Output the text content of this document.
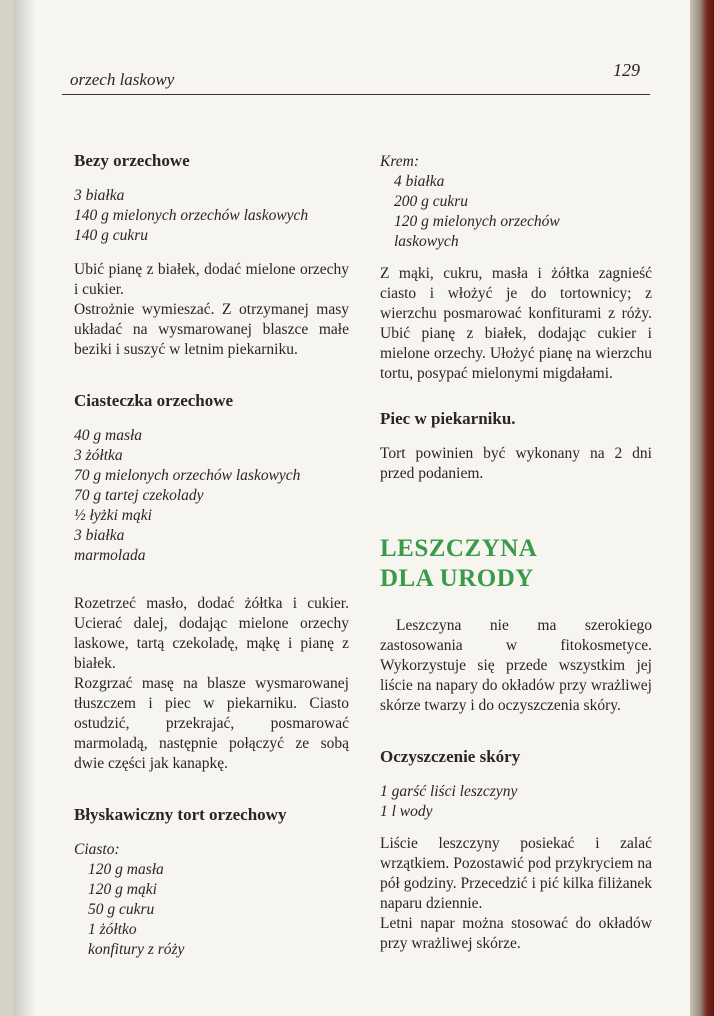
orzech laskowy	129
Bezy orzechowe
3 białka
140 g mielonych orzechów laskowych
140 g cukru

Ubić pianę z białek, dodać mielone orzechy i cukier.

Ostrożnie wymieszać. Z otrzymanej masy układać na wysmarowanej blaszce małe beziki i suszyć w letnim piekarniku.

Ciasteczka orzechowe
40 g masła
3 żółtka
70 g mielonych orzechów laskowych
70 g tartej czekolady
½ łyżki mąki
3 białka
marmolada

Rozetrzeć masło, dodać żółtka i cukier. Ucierać dalej, dodając mielone orzechy laskowe, tartą czekoladę, mąkę i pianę z białek.

Rozgrzać masę na blasze wysmarowanej tłuszczem i piec w piekarniku. Ciasto ostudzić, przekrajać, posmarować marmoladą, następnie połączyć ze sobą dwie części jak kanapkę.

Błyskawiczny tort orzechowy
Ciasto:
120 g masła
120 g mąki
50 g cukru
1 żółtko
konfitury z róży
Krem:
4 białka
200 g cukru
120 g mielonych orzechów
laskowych

Z mąki, cukru, masła i żółtka zagnieść ciasto i włożyć je do tortownicy; z wierzchu posmarować konfiturami z róży. Ubić pianę z białek, dodając cukier i mielone orzechy. Ułożyć pianę na wierzchu tortu, posypać mielonymi migdałami.

Piec w piekarniku.

Tort powinien być wykonany na 2 dni przed podaniem.

LESZCZYNA
DLA URODY

Leszczyna nie ma szerokiego zastosowania w fitokosmetyce. Wykorzystuje się przede wszystkim jej liście na napary do okładów przy wrażliwej skórze twarzy i do oczyszczenia skóry.

Oczyszczenie skóry
1 garść liści leszczyny
1 l wody

Liście leszczyny posiekać i zalać wrzątkiem. Pozostawić pod przykryciem na pół godziny. Przecedzić i pić kilka filiżanek naparu dziennie.

Letni napar można stosować do okładów przy wrażliwej skórze.
